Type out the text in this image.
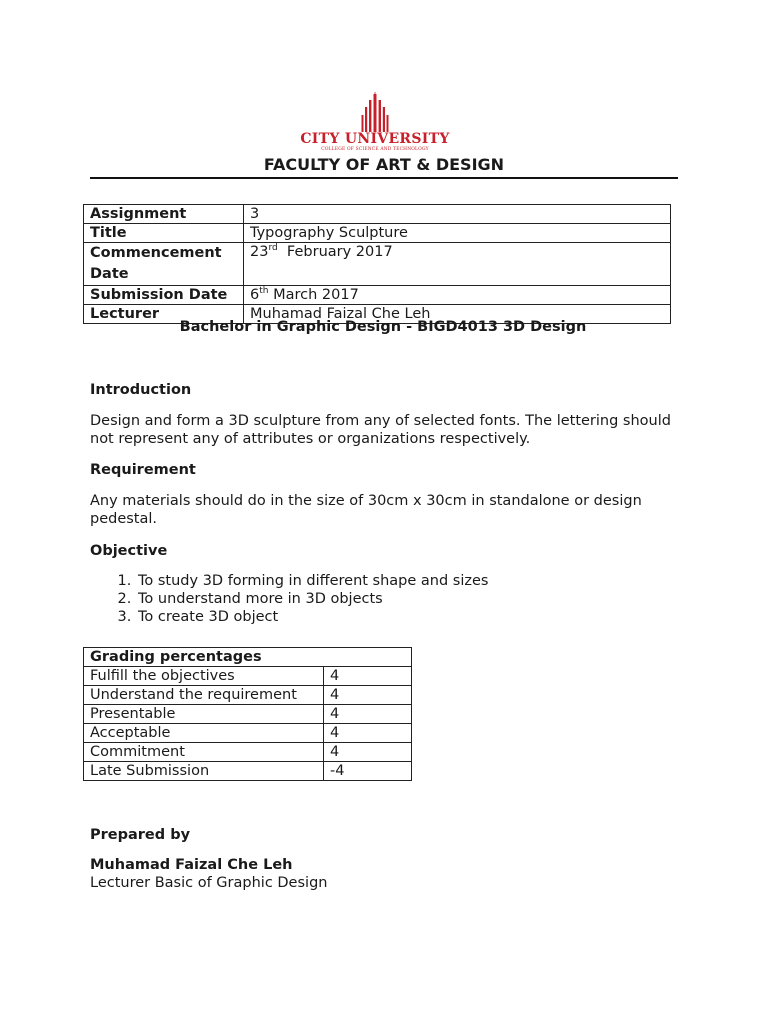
CITY UNIVERSITY
COLLEGE OF SCIENCE AND TECHNOLOGY
FACULTY OF ART & DESIGN
Assignment	3
Title	Typography Sculpture
Commencement Date	23rd  February 2017
Submission Date	6th March 2017
Lecturer	Muhamad Faizal Che Leh
Bachelor in Graphic Design - BIGD4013 3D Design
Introduction

Design and form a 3D sculpture from any of selected fonts. The lettering should not represent any of attributes or organizations respectively.

Requirement

Any materials should do in the size of 30cm x 30cm in standalone or design pedestal.

Objective
1. To study 3D forming in different shape and sizes
2. To understand more in 3D objects
3. To create 3D object
Grading percentages	
Fulfill the objectives	4
Understand the requirement	4
Presentable	4
Acceptable	4
Commitment	4
Late Submission	-4
Prepared by
Muhamad Faizal Che Leh
Lecturer Basic of Graphic Design
